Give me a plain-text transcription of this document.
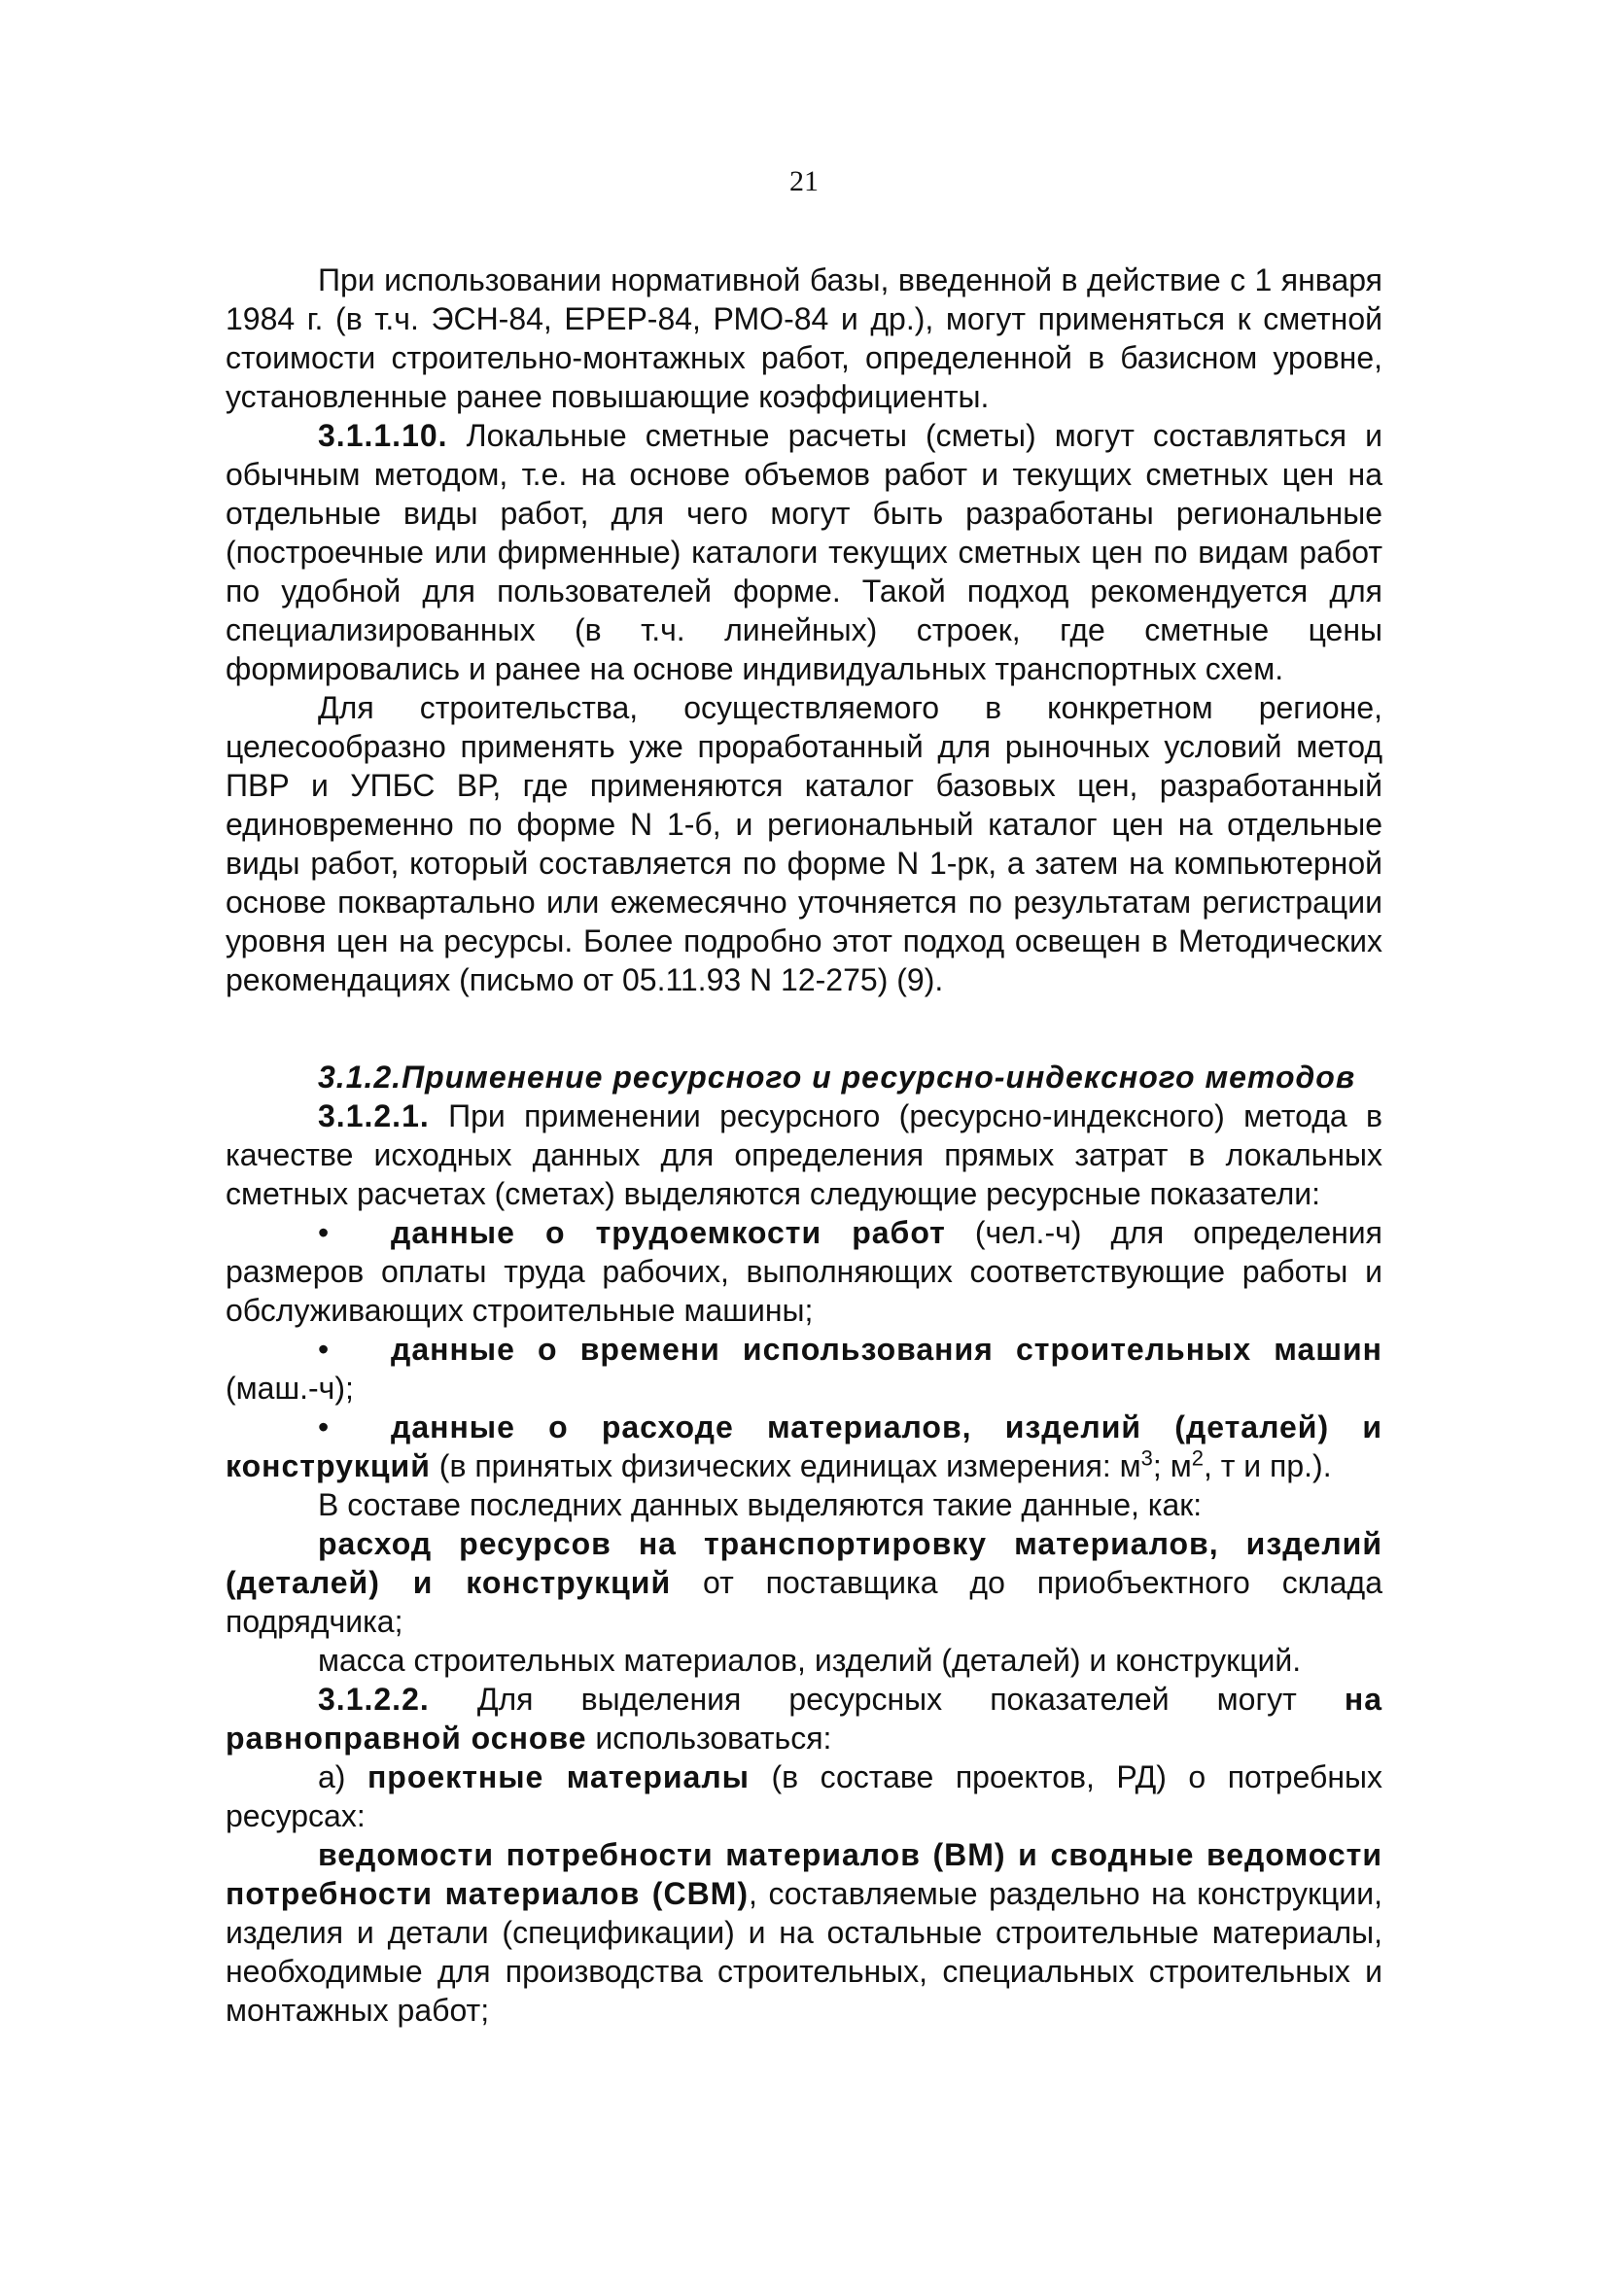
21

При использовании нормативной базы, введенной в действие с 1 января 1984 г. (в т.ч. ЭСН-84, ЕРЕР-84, РМО-84 и др.), могут применяться к сметной стоимости строительно-монтажных работ, определенной в базисном уровне, установленные ранее повышающие коэффициенты.

3.1.1.10. Локальные сметные расчеты (сметы) могут составляться и обычным методом, т.е. на основе объемов работ и текущих сметных цен на отдельные виды работ, для чего могут быть разработаны региональные (построечные или фирменные) каталоги текущих сметных цен по видам работ по удобной для пользователей форме. Такой подход рекомендуется для специализированных (в т.ч. линейных) строек, где сметные цены формировались и ранее на основе индивидуальных транспортных схем.

Для строительства, осуществляемого в конкретном регионе, целесообразно применять уже проработанный для рыночных условий метод ПВР и УПБС ВР, где применяются каталог базовых цен, разработанный единовременно по форме N 1-б, и региональный каталог цен на отдельные виды работ, который составляется по форме N 1-рк, а затем на компьютерной основе поквартально или ежемесячно уточняется по результатам регистрации уровня цен на ресурсы. Более подробно этот подход освещен в Методических рекомендациях (письмо от 05.11.93 N 12-275) (9).

3.1.2.Применение ресурсного и ресурсно-индексного методов

3.1.2.1. При применении ресурсного (ресурсно-индексного) метода в качестве исходных данных для определения прямых затрат в локальных сметных расчетах (сметах) выделяются следующие ресурсные показатели:

• данные о трудоемкости работ (чел.-ч) для определения размеров оплаты труда рабочих, выполняющих соответствующие работы и обслуживающих строительные машины;

• данные о времени использования строительных машин (маш.-ч);

• данные о расходе материалов, изделий (деталей) и конструкций (в принятых физических единицах измерения: $м^3$; $м^2$, т и пр.).

В составе последних данных выделяются такие данные, как:

расход ресурсов на транспортировку материалов, изделий (деталей) и конструкций от поставщика до приобъектного склада подрядчика;

масса строительных материалов, изделий (деталей) и конструкций.

3.1.2.2. Для выделения ресурсных показателей могут на равноправной основе использоваться:

а) проектные материалы (в составе проектов, РД) о потребных ресурсах:

ведомости потребности материалов (ВМ) и сводные ведомости потребности материалов (СВМ), составляемые раздельно на конструкции, изделия и детали (спецификации) и на остальные строительные материалы, необходимые для производства строительных, специальных строительных и монтажных работ;
